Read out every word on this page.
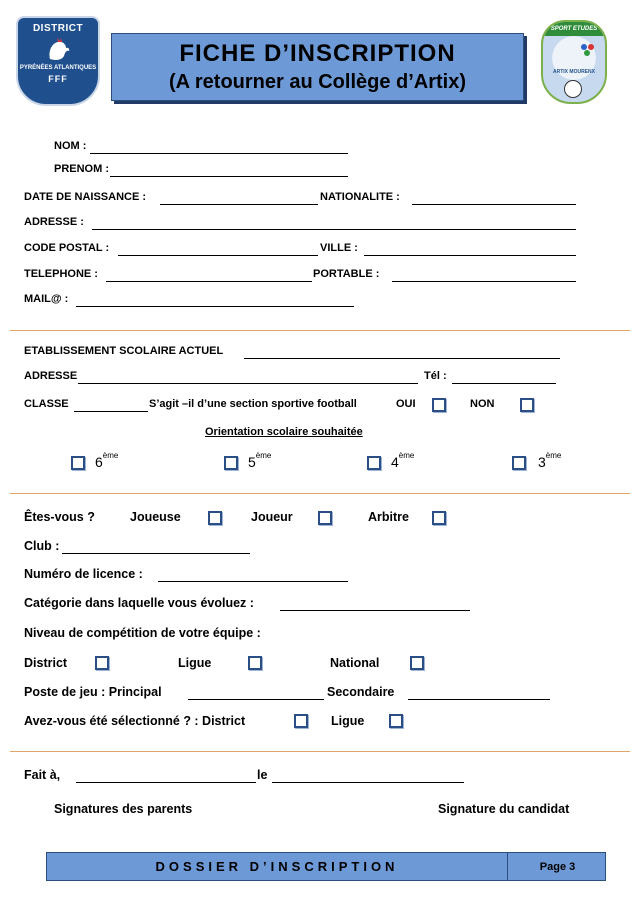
DISTRICT
PYRÉNÉES ATLANTIQUES
FFF
FICHE D’INSCRIPTION
(A retourner au Collège d’Artix)
SPORT ETUDES
ARTIX MOURENX
NOM :
PRENOM :
DATE DE NAISSANCE :	NATIONALITE :
ADRESSE :
CODE POSTAL :	VILLE :
TELEPHONE :	PORTABLE :
MAIL@ :
ETABLISSEMENT SCOLAIRE ACTUEL
ADRESSE	Tél :
CLASSE	S’agit –il d’une section sportive football	OUI	NON
Orientation scolaire souhaitée
6ème	5ème	4ème	3ème
Êtes-vous ?	Joueuse	Joueur	Arbitre
Club :
Numéro de licence :
Catégorie dans laquelle vous évoluez :
Niveau de compétition de votre équipe :
District	Ligue	National
Poste de jeu : Principal	Secondaire
Avez-vous été sélectionné ? : District	Ligue
Fait à,	le
Signatures des parents	Signature du candidat
DOSSIER D’INSCRIPTION	Page 3
